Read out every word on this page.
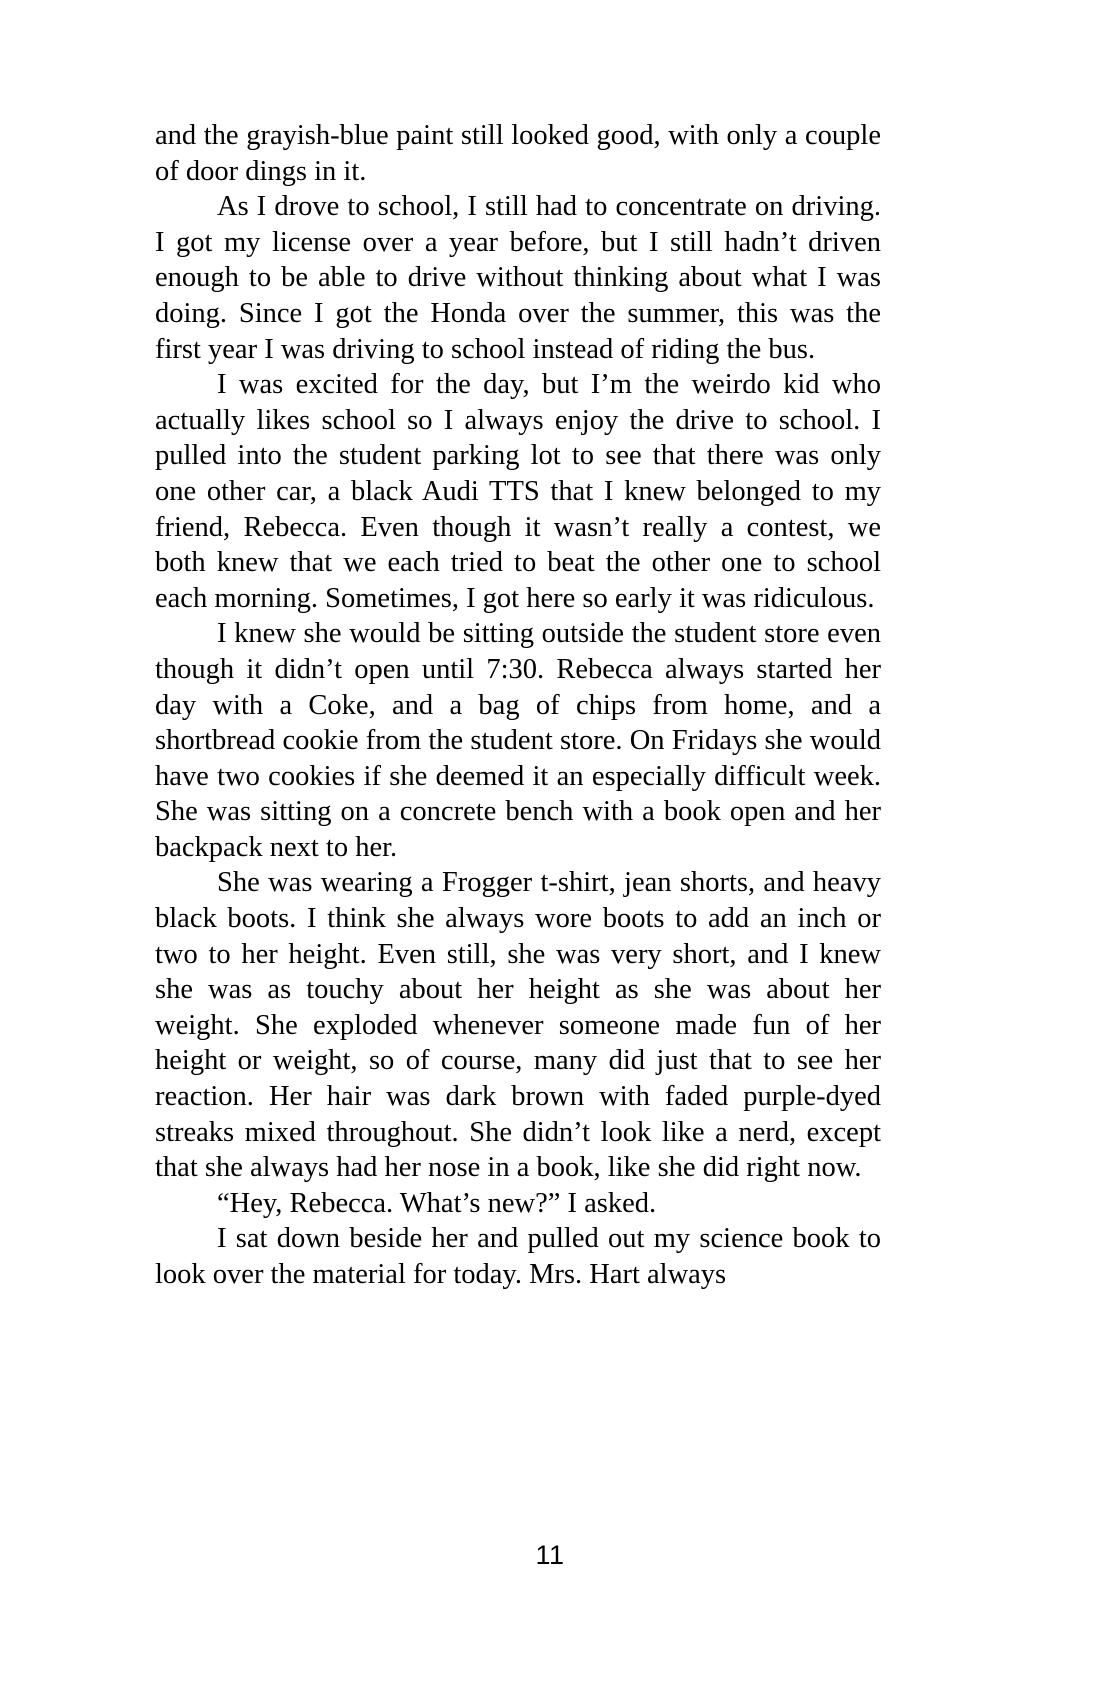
and the grayish-blue paint still looked good, with only a couple of door dings in it.

As I drove to school, I still had to concentrate on driving. I got my license over a year before, but I still hadn’t driven enough to be able to drive without thinking about what I was doing. Since I got the Honda over the summer, this was the first year I was driving to school instead of riding the bus.

I was excited for the day, but I’m the weirdo kid who actually likes school so I always enjoy the drive to school. I pulled into the student parking lot to see that there was only one other car, a black Audi TTS that I knew belonged to my friend, Rebecca. Even though it wasn’t really a contest, we both knew that we each tried to beat the other one to school each morning. Sometimes, I got here so early it was ridiculous.

I knew she would be sitting outside the student store even though it didn’t open until 7:30. Rebecca always started her day with a Coke, and a bag of chips from home, and a shortbread cookie from the student store. On Fridays she would have two cookies if she deemed it an especially difficult week. She was sitting on a concrete bench with a book open and her backpack next to her.

She was wearing a Frogger t-shirt, jean shorts, and heavy black boots. I think she always wore boots to add an inch or two to her height. Even still, she was very short, and I knew she was as touchy about her height as she was about her weight. She exploded whenever someone made fun of her height or weight, so of course, many did just that to see her reaction. Her hair was dark brown with faded purple-dyed streaks mixed throughout. She didn’t look like a nerd, except that she always had her nose in a book, like she did right now.

“Hey, Rebecca. What’s new?” I asked.

I sat down beside her and pulled out my science book to look over the material for today. Mrs. Hart always

11
